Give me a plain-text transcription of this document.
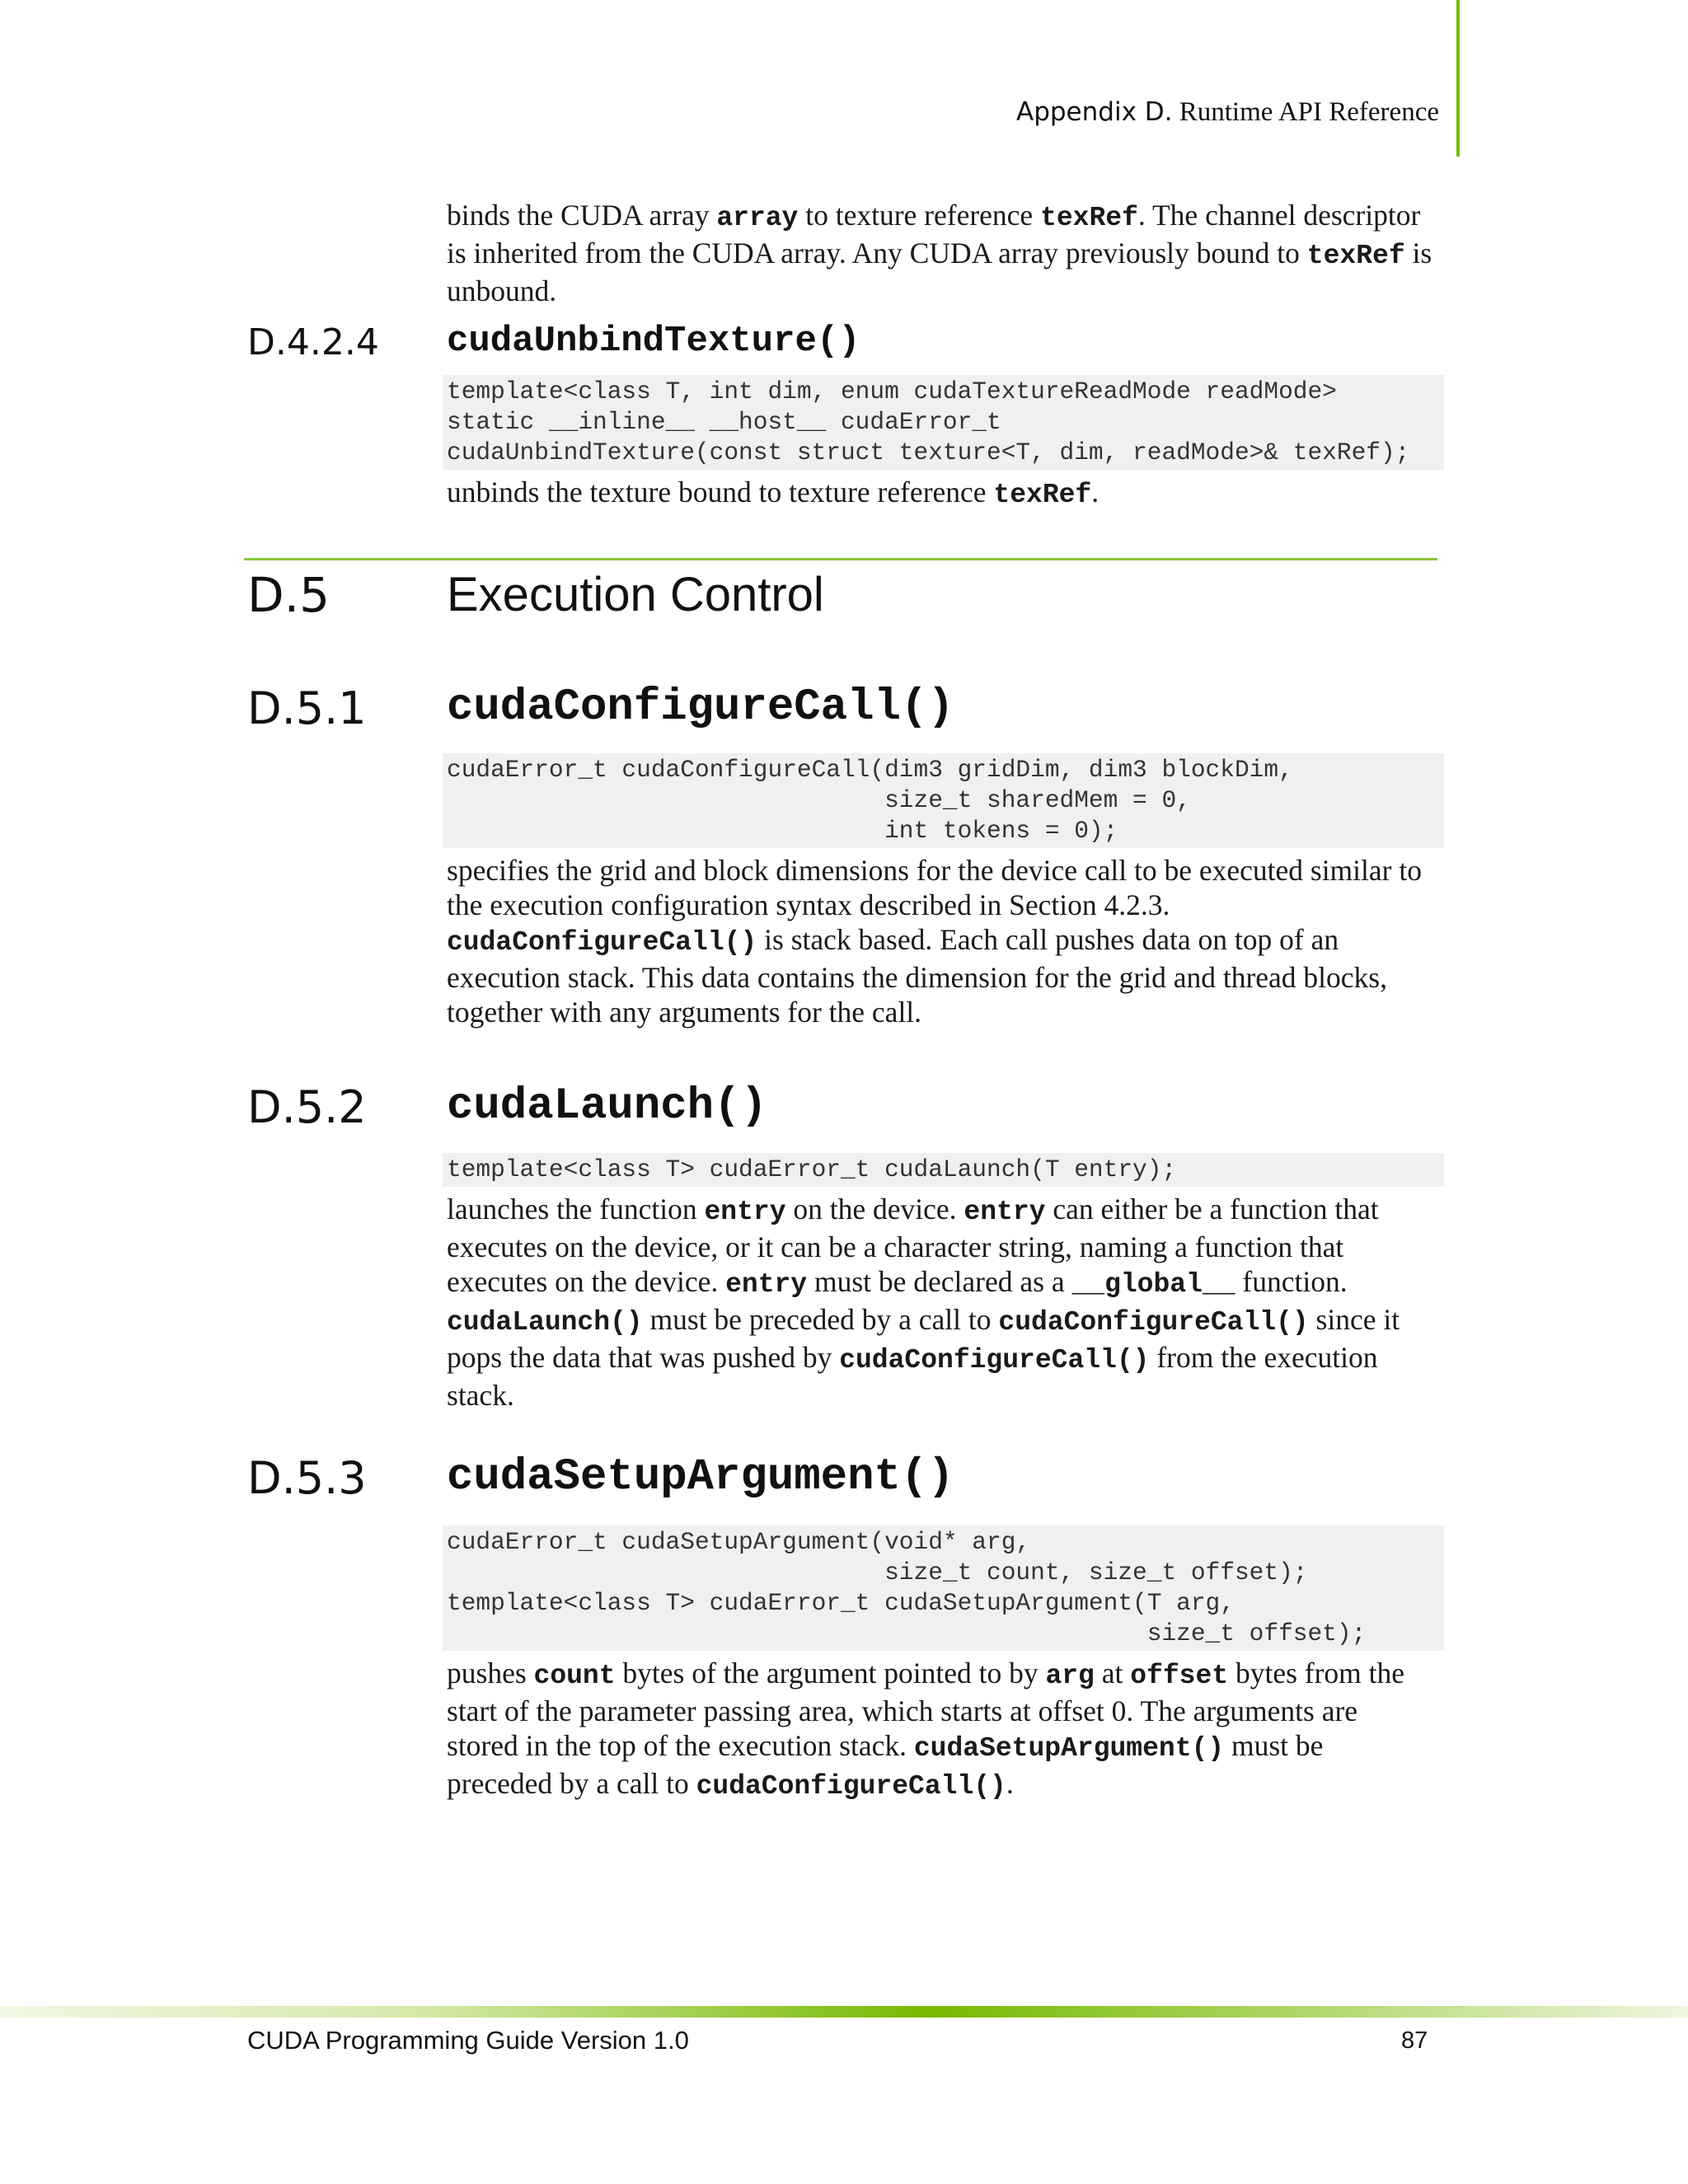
Appendix D. Runtime API Reference
binds the CUDA array array to texture reference texRef. The channel descriptor is inherited from the CUDA array. Any CUDA array previously bound to texRef is unbound.
D.4.2.4 cudaUnbindTexture()
template<class T, int dim, enum cudaTextureReadMode readMode>
static __inline__ __host__ cudaError_t
cudaUnbindTexture(const struct texture<T, dim, readMode>& texRef);
unbinds the texture bound to texture reference texRef.
D.5 Execution Control
D.5.1 cudaConfigureCall()
cudaError_t cudaConfigureCall(dim3 gridDim, dim3 blockDim,
size_t sharedMem = 0,
int tokens = 0);
specifies the grid and block dimensions for the device call to be executed similar to the execution configuration syntax described in Section 4.2.3.
cudaConfigureCall() is stack based. Each call pushes data on top of an execution stack. This data contains the dimension for the grid and thread blocks, together with any arguments for the call.
D.5.2 cudaLaunch()
template<class T> cudaError_t cudaLaunch(T entry);
launches the function entry on the device. entry can either be a function that executes on the device, or it can be a character string, naming a function that executes on the device. entry must be declared as a __global__ function.
cudaLaunch() must be preceded by a call to cudaConfigureCall() since it pops the data that was pushed by cudaConfigureCall() from the execution stack.
D.5.3 cudaSetupArgument()
cudaError_t cudaSetupArgument(void* arg,
size_t count, size_t offset);
template<class T> cudaError_t cudaSetupArgument(T arg,
size_t offset);
pushes count bytes of the argument pointed to by arg at offset bytes from the start of the parameter passing area, which starts at offset 0. The arguments are stored in the top of the execution stack. cudaSetupArgument() must be preceded by a call to cudaConfigureCall().
CUDA Programming Guide Version 1.0	87
